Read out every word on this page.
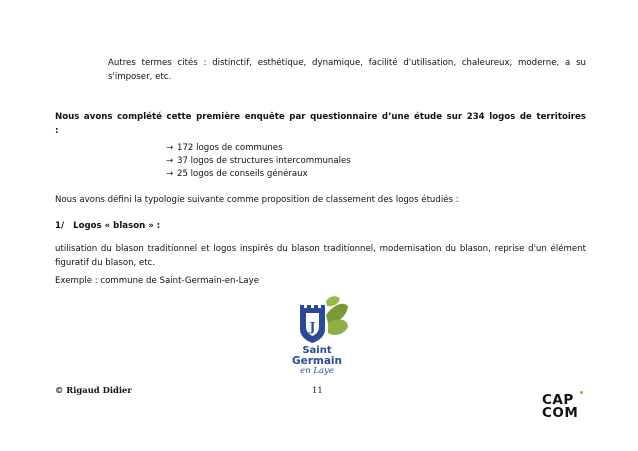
Autres termes cités : distinctif, esthétique, dynamique, facilité d'utilisation, chaleureux, moderne, a su s'imposer, etc.

Nous avons complété cette première enquête par questionnaire d’une étude sur 234 logos de territoires :

→ 172 logos de communes
→ 37 logos de structures intercommunales
→ 25 logos de conseils généraux

Nous avons défini la typologie suivante comme proposition de classement des logos étudiés :

1/   Logos « blason » :

utilisation du blason traditionnel et logos inspirés du blason traditionnel, modernisation du blason, reprise d'un élément figuratif du blason, etc.

Exemple : commune de Saint-Germain-en-Laye

J
Saint
Germain
en Laye
© Rigaud Didier	11
CAP
COM
